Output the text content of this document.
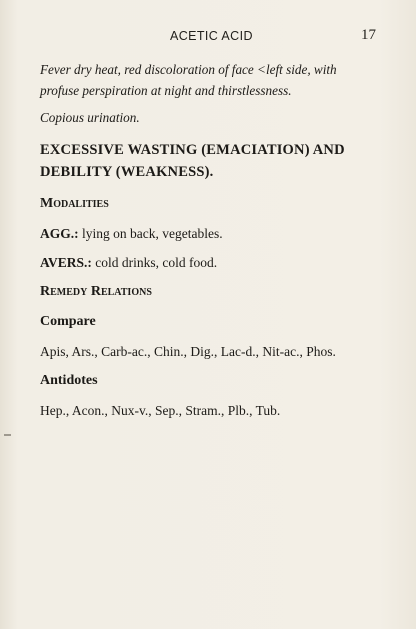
ACETIC ACID	17

Fever dry heat, red discoloration of face <left side, with profuse perspiration at night and thirstlessness.

Copious urination.

EXCESSIVE WASTING (EMACIATION) AND DEBILITY (WEAKNESS).

Modalities

AGG.: lying on back, vegetables.

AVERS.: cold drinks, cold food.

Remedy Relations

Compare

Apis, Ars., Carb-ac., Chin., Dig., Lac-d., Nit-ac., Phos.

Antidotes

Hep., Acon., Nux-v., Sep., Stram., Plb., Tub.
